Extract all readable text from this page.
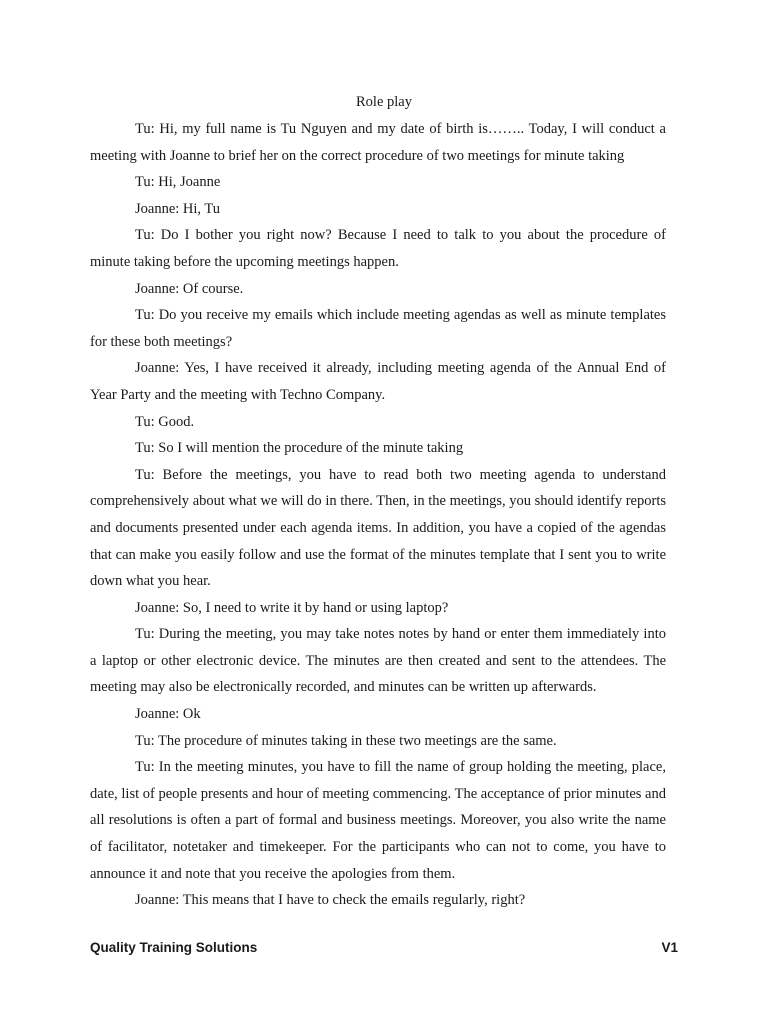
Role play

Tu: Hi, my full name is Tu Nguyen and my date of birth is…….. Today, I will conduct a meeting with Joanne to brief her on the correct procedure of two meetings for minute taking

Tu: Hi, Joanne

Joanne: Hi, Tu

Tu: Do I bother you right now? Because I need to talk to you about the procedure of minute taking before the upcoming meetings happen.

Joanne: Of course.

Tu: Do you receive my emails which include meeting agendas as well as minute templates for these both meetings?

Joanne: Yes, I have received it already, including meeting agenda of the Annual End of Year Party and the meeting with Techno Company.

Tu: Good.

Tu: So I will mention the procedure of the minute taking

Tu: Before the meetings, you have to read both two meeting agenda to understand comprehensively about what we will do in there. Then, in the meetings, you should identify reports and documents presented under each agenda items. In addition, you have a copied of the agendas that can make you easily follow and use the format of the minutes template that I sent you to write down what you hear.

Joanne: So, I need to write it by hand or using laptop?

Tu: During the meeting, you may take notes notes by hand or enter them immediately into a laptop or other electronic device. The minutes are then created and sent to the attendees. The meeting may also be electronically recorded, and minutes can be written up afterwards.

Joanne: Ok

Tu: The procedure of minutes taking in these two meetings are the same.

Tu: In the meeting minutes, you have to fill the name of group holding the meeting, place, date, list of people presents and hour of meeting commencing. The acceptance of prior minutes and all resolutions is often a part of formal and business meetings. Moreover, you also write the name of facilitator, notetaker and timekeeper. For the participants who can not to come, you have to announce it and note that you receive the apologies from them.

Joanne: This means that I have to check the emails regularly, right?

Quality Training Solutions	V1
